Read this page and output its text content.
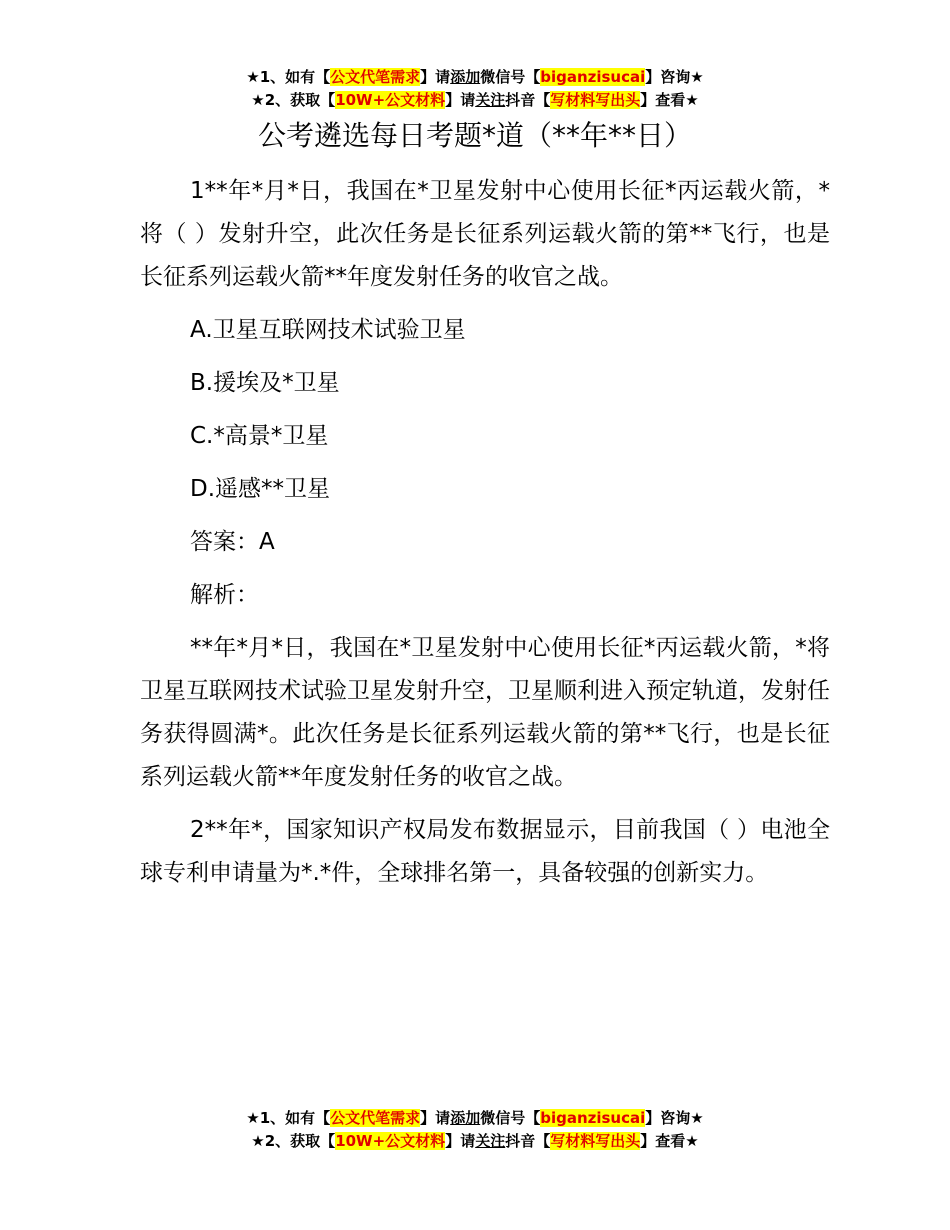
★1、如有【公文代笔需求】请添加微信号【biganzisucai】咨询★
★2、获取【10W+公文材料】请关注抖音【写材料写出头】查看★
公考遴选每日考题*道（**年**日）

1**年*月*日，我国在*卫星发射中心使用长征*丙运载火箭，*将（ ）发射升空，此次任务是长征系列运载火箭的第**飞行，也是长征系列运载火箭**年度发射任务的收官之战。

A.卫星互联网技术试验卫星

B.援埃及*卫星

C.*高景*卫星

D.遥感**卫星

答案：A

解析：

**年*月*日，我国在*卫星发射中心使用长征*丙运载火箭，*将卫星互联网技术试验卫星发射升空，卫星顺利进入预定轨道，发射任务获得圆满*。此次任务是长征系列运载火箭的第**飞行，也是长征系列运载火箭**年度发射任务的收官之战。

2**年*，国家知识产权局发布数据显示，目前我国（ ）电池全球专利申请量为*.*件，全球排名第一，具备较强的创新实力。

★1、如有【公文代笔需求】请添加微信号【biganzisucai】咨询★
★2、获取【10W+公文材料】请关注抖音【写材料写出头】查看★
